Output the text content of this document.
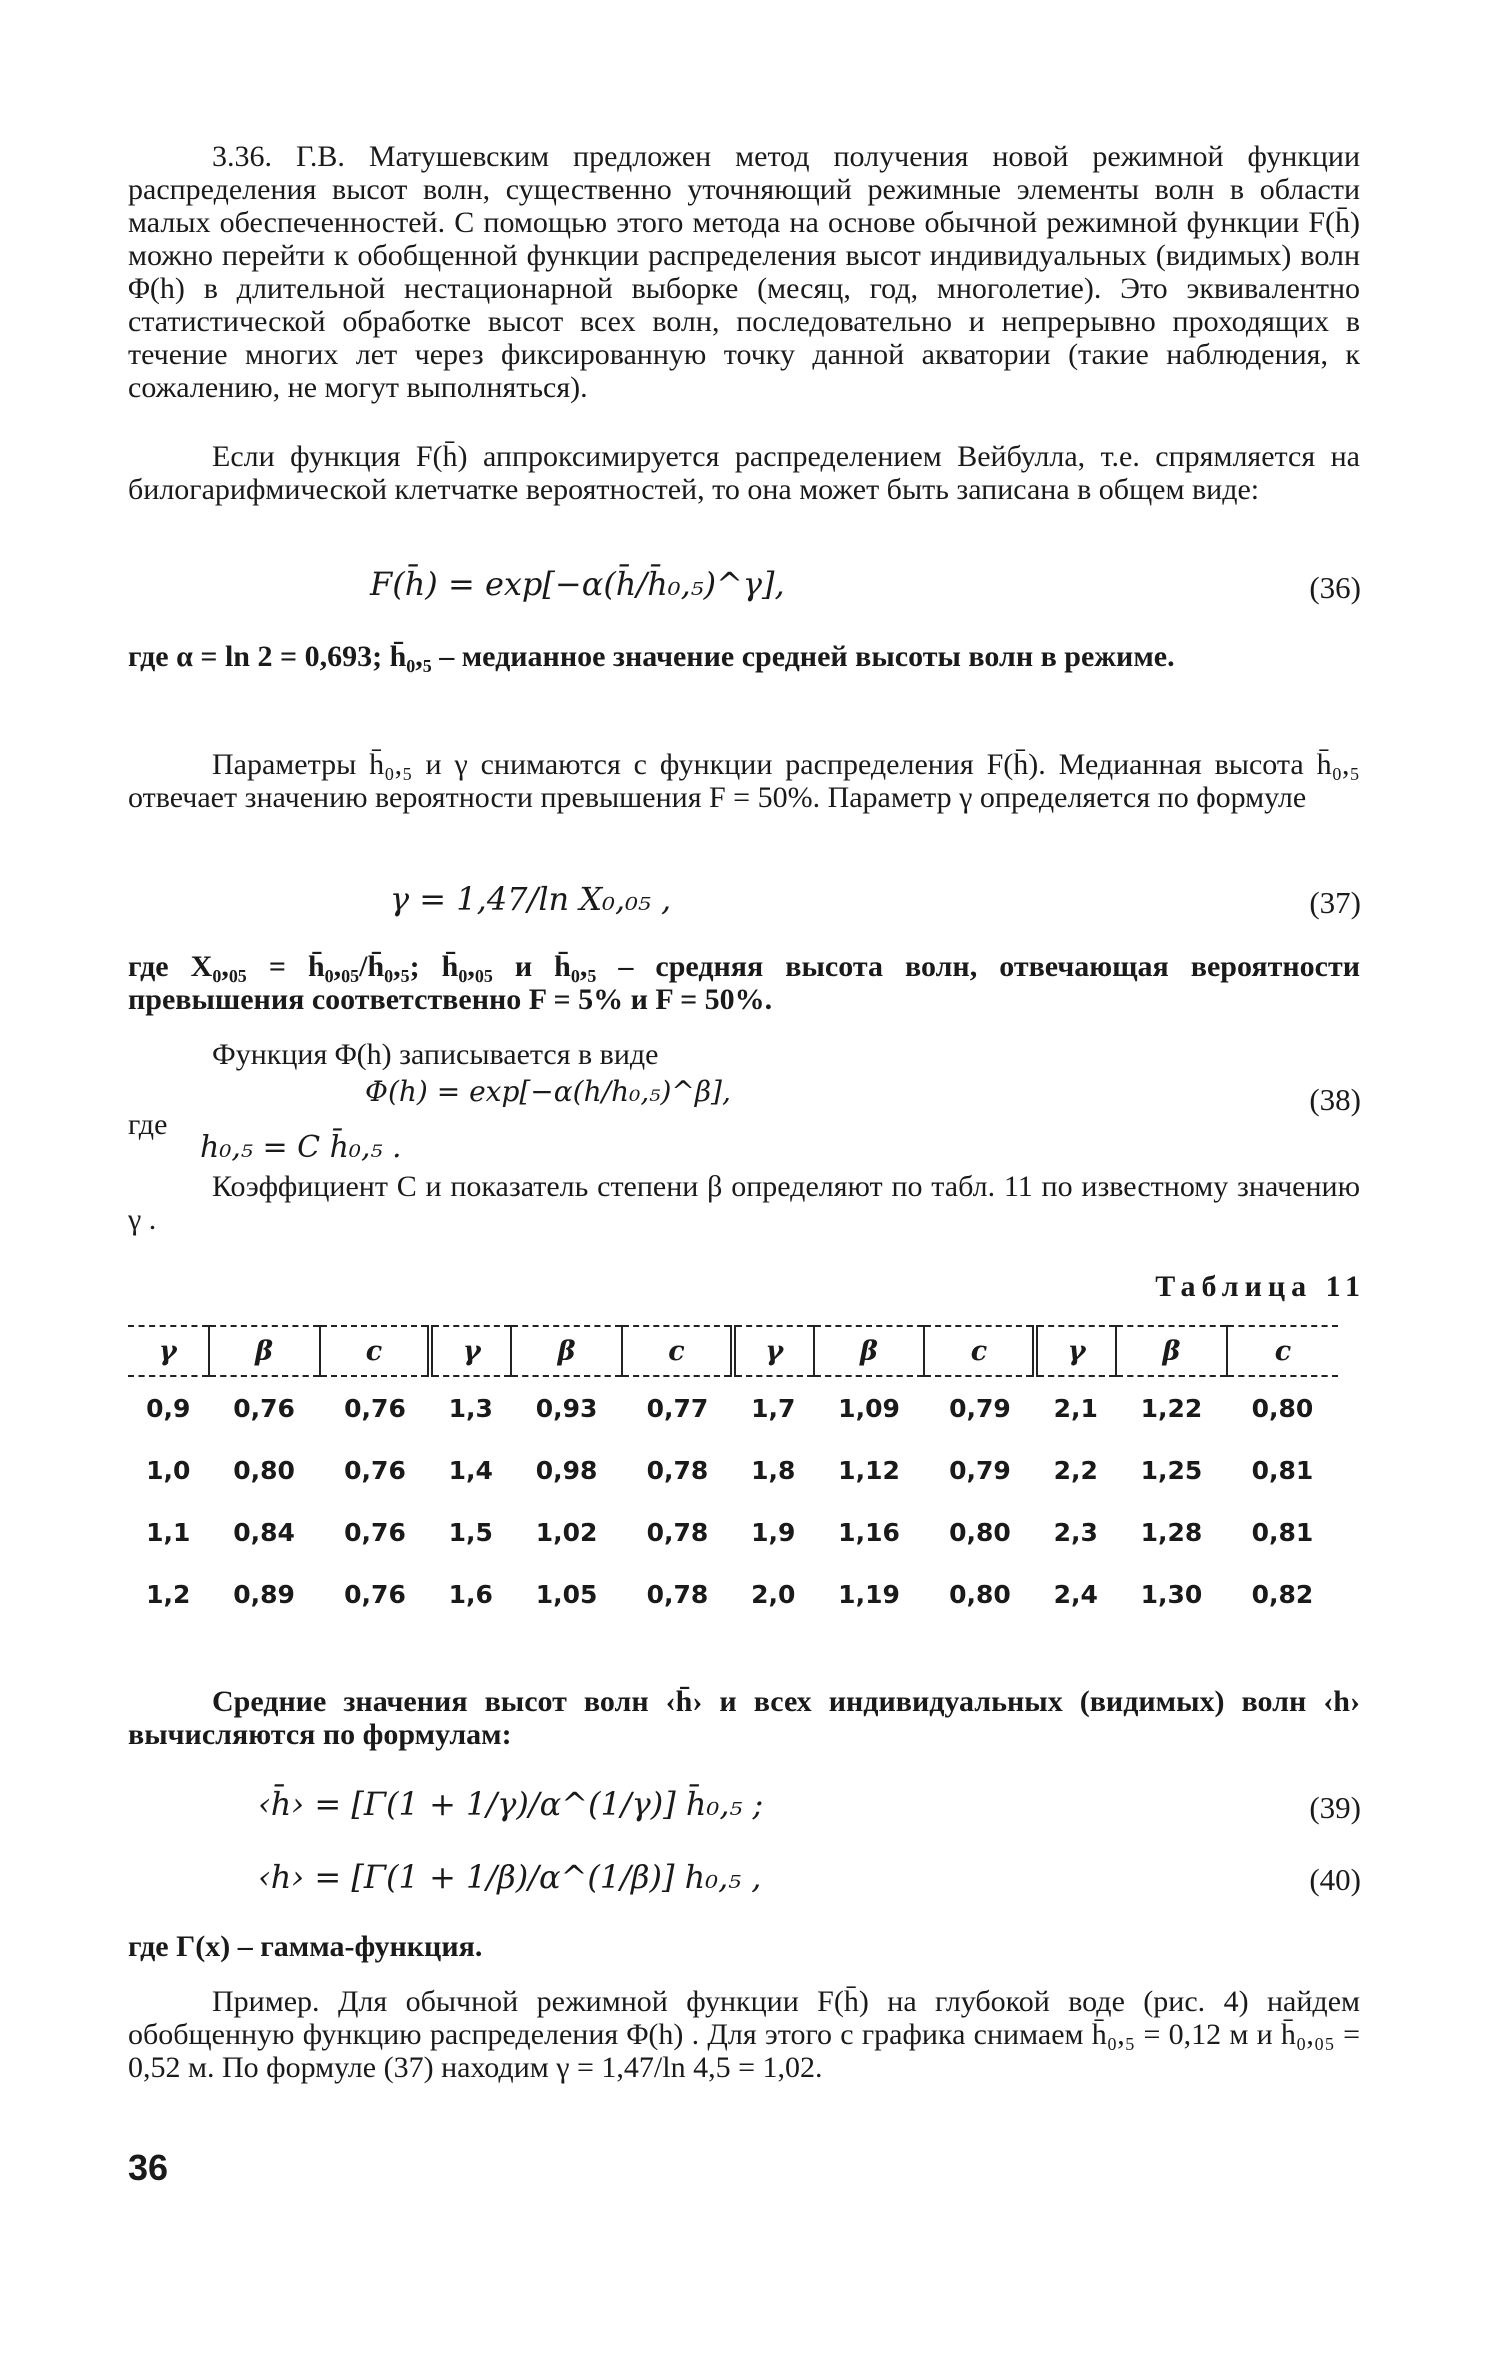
3.36. Г.В. Матушевским предложен метод получения новой режимной функции распределения высот волн, существенно уточняющий режимные элементы волн в области малых обеспеченностей. С помощью этого метода на основе обычной режимной функции F(h̄) можно перейти к обобщенной функции распределения высот индивидуальных (видимых) волн Φ(h) в длительной нестационарной выборке (месяц, год, многолетие). Это эквивалентно статистической обработке высот всех волн, последовательно и непрерывно проходящих в течение многих лет через фиксированную точку данной акватории (такие наблюдения, к сожалению, не могут выполняться).

Если функция F(h̄) аппроксимируется распределением Вейбулла, т.е. спрямляется на билогарифмической клетчатке вероятностей, то она может быть записана в общем виде:

F(h̄) = exp[−α(h̄/h̄₀,₅)^γ],	(36)

где α = ln 2 = 0,693; h̄₀,₅ – медианное значение средней высоты волн в режиме.

Параметры h̄₀,₅ и γ снимаются с функции распределения F(h̄). Медианная высота h̄₀,₅ отвечает значению вероятности превышения F = 50%. Параметр γ определяется по формуле

γ = 1,47/ln X₀,₀₅ ,	(37)

где X₀,₀₅ = h̄₀,₀₅/h̄₀,₅; h̄₀,₀₅ и h̄₀,₅ – средняя высота волн, отвечающая вероятности превышения соответственно F = 5% и F = 50%.

Функция Φ(h) записывается в виде

Φ(h) = exp[−α(h/h₀,₅)^β],	(38)
где
h₀,₅ = C h̄₀,₅ .

Коэффициент C и показатель степени β определяют по табл. 11 по известному значению γ .

Таблица 11
γ	β	c	γ	β	c	γ	β	c	γ	β	c
0,9	0,76	0,76	1,3	0,93	0,77	1,7	1,09	0,79	2,1	1,22	0,80
1,0	0,80	0,76	1,4	0,98	0,78	1,8	1,12	0,79	2,2	1,25	0,81
1,1	0,84	0,76	1,5	1,02	0,78	1,9	1,16	0,80	2,3	1,28	0,81
1,2	0,89	0,76	1,6	1,05	0,78	2,0	1,19	0,80	2,4	1,30	0,82

Средние значения высот волн ‹h̄› и всех индивидуальных (видимых) волн ‹h› вычисляются по формулам:

‹h̄› = [Γ(1 + 1/γ)/α^(1/γ)] h̄₀,₅ ;	(39)
‹h› = [Γ(1 + 1/β)/α^(1/β)] h₀,₅ ,	(40)

где Γ(x) – гамма-функция.

Пример. Для обычной режимной функции F(h̄) на глубокой воде (рис. 4) найдем обобщенную функцию распределения Φ(h) . Для этого с графика снимаем h̄₀,₅ = 0,12 м и h̄₀,₀₅ = 0,52 м. По формуле (37) находим γ = 1,47/ln 4,5 = 1,02.

36
